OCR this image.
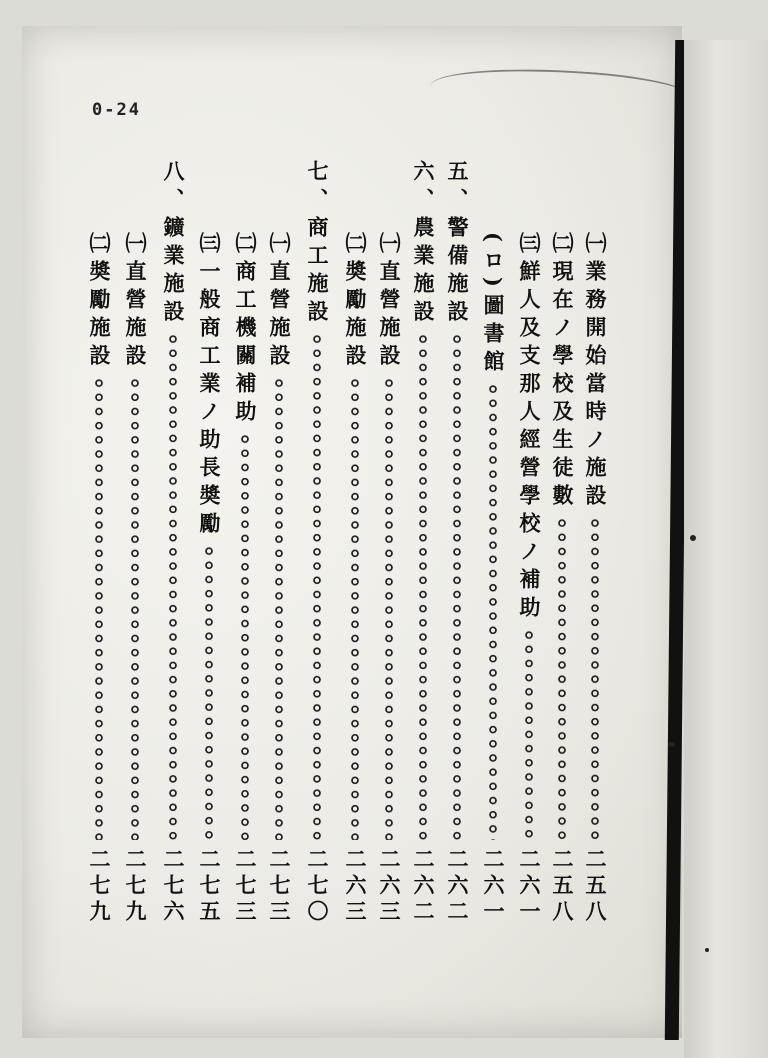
0-24
㈠業務開始當時ノ施設
二五八
㈡現在ノ學校及生徒數
二五八
㈢鮮人及支那人經營學校ノ補助
二六一
(ロ)圖書館
二六一
五、警備施設
二六二
六、農業施設
二六二
㈠直營施設
二六三
㈡奬勵施設
二六三
七、商工施設
二七〇
㈠直營施設
二七三
㈡商工機關補助
二七三
㈢一般商工業ノ助長奬勵
二七五
八、鑛業施設
二七六
㈠直營施設
二七九
㈡奬勵施設
二七九
